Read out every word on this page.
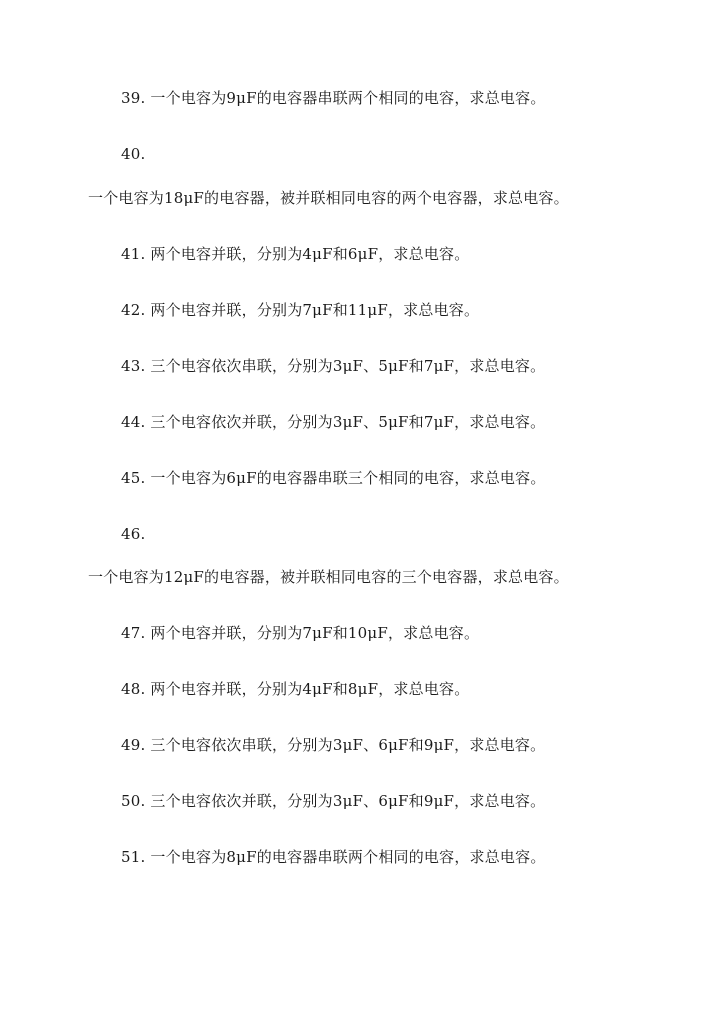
39. 一个电容为9μF的电容器串联两个相同的电容，求总电容。
40.
一个电容为18μF的电容器，被并联相同电容的两个电容器，求总电容。
41. 两个电容并联，分别为4μF和6μF，求总电容。
42. 两个电容并联，分别为7μF和11μF，求总电容。
43. 三个电容依次串联，分别为3μF、5μF和7μF，求总电容。
44. 三个电容依次并联，分别为3μF、5μF和7μF，求总电容。
45. 一个电容为6μF的电容器串联三个相同的电容，求总电容。
46.
一个电容为12μF的电容器，被并联相同电容的三个电容器，求总电容。
47. 两个电容并联，分别为7μF和10μF，求总电容。
48. 两个电容并联，分别为4μF和8μF，求总电容。
49. 三个电容依次串联，分别为3μF、6μF和9μF，求总电容。
50. 三个电容依次并联，分别为3μF、6μF和9μF，求总电容。
51. 一个电容为8μF的电容器串联两个相同的电容，求总电容。
